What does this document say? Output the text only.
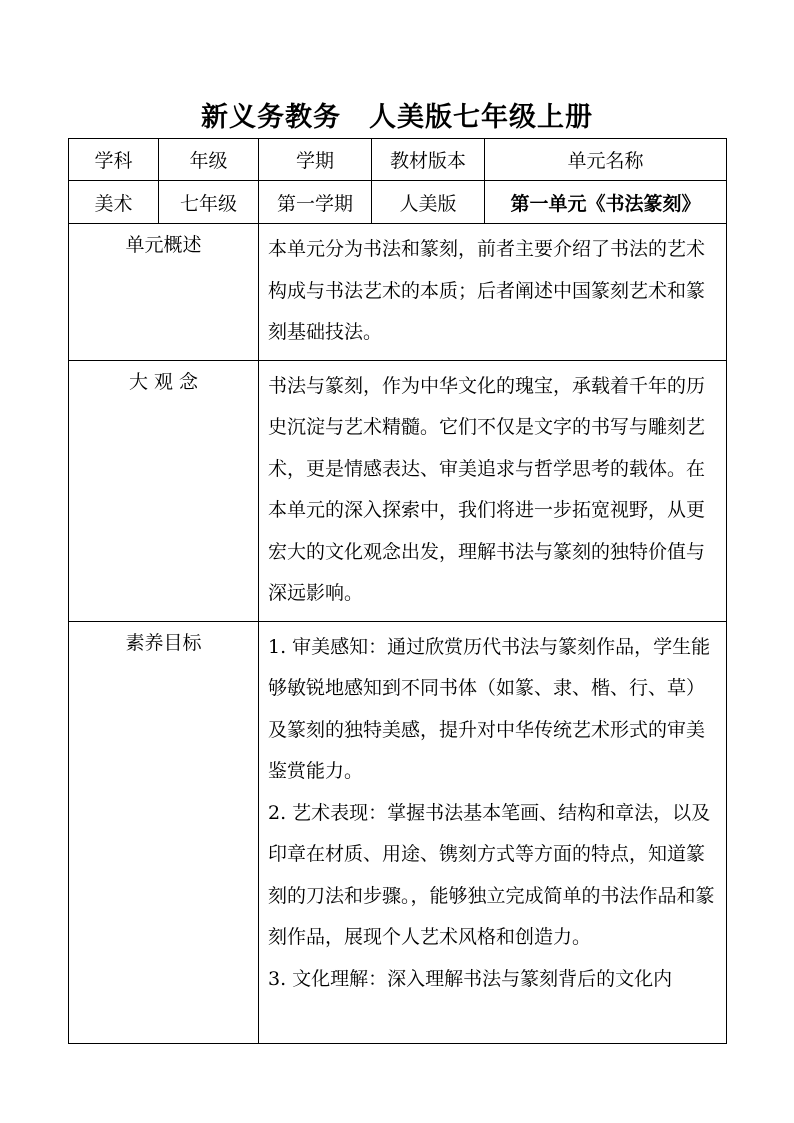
新义务教务　人美版七年级上册
学科	年级	学期	教材版本	单元名称
美术	七年级	第一学期	人美版	第一单元《书法篆刻》
单元概述		本单元分为书法和篆刻，前者主要介绍了书法的艺术构成与书法艺术的本质；后者阐述中国篆刻艺术和篆刻基础技法。		

大 观 念		书法与篆刻，作为中华文化的瑰宝，承载着千年的历史沉淀与艺术精髓。它们不仅是文字的书写与雕刻艺术，更是情感表达、审美追求与哲学思考的载体。在本单元的深入探索中，我们将进一步拓宽视野，从更宏大的文化观念出发，理解书法与篆刻的独特价值与深远影响。		

素养目标		1. 审美感知：通过欣赏历代书法与篆刻作品，学生能够敏锐地感知到不同书体（如篆、隶、楷、行、草）及篆刻的独特美感，提升对中华传统艺术形式的审美鉴赏能力。

2. 艺术表现：掌握书法基本笔画、结构和章法，以及印章在材质、用途、镌刻方式等方面的特点，知道篆刻的刀法和步骤。，能够独立完成简单的书法作品和篆刻作品，展现个人艺术风格和创造力。

3. 文化理解：深入理解书法与篆刻背后的文化内		
